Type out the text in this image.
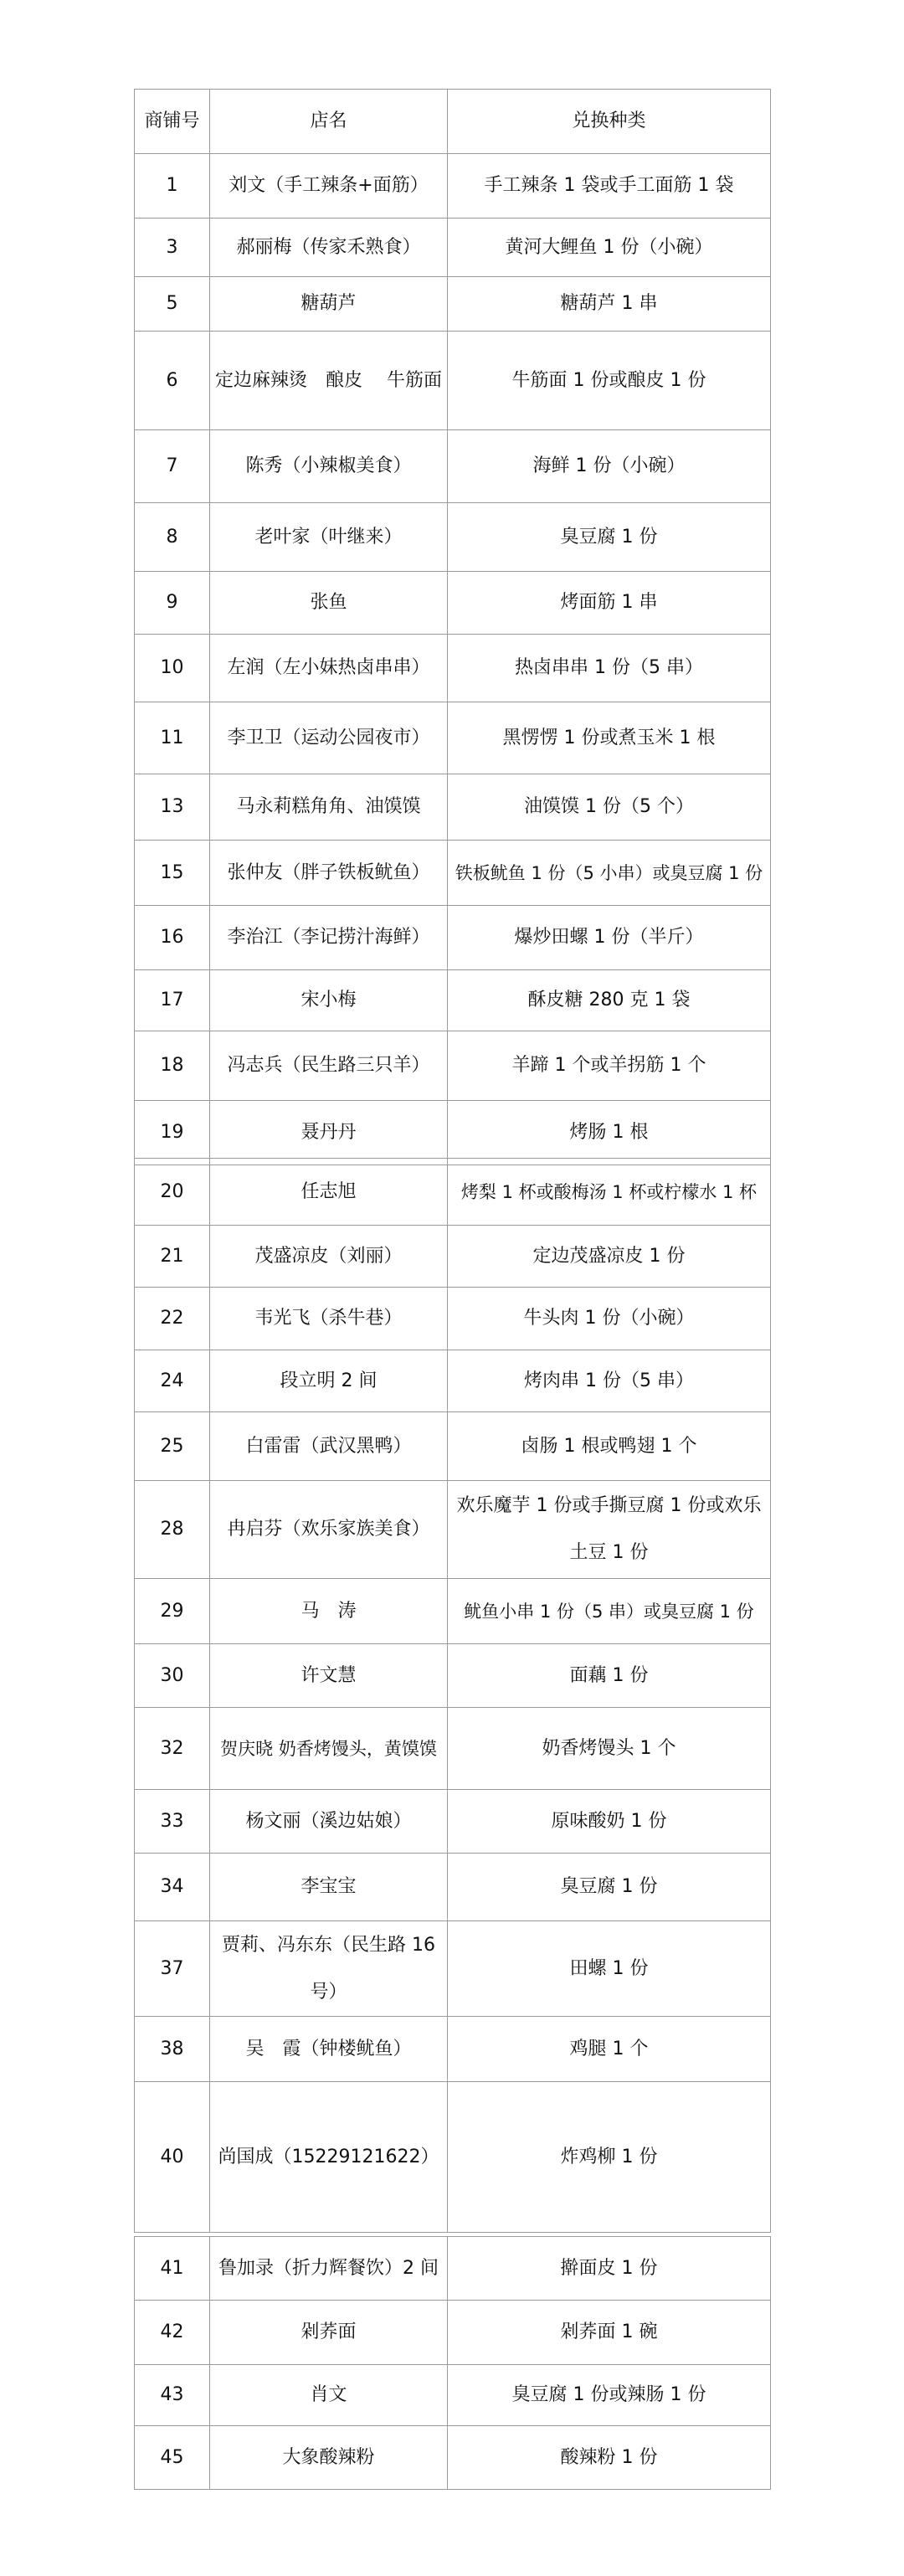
商铺号	店名	兑换种类
1	刘文（手工辣条+面筋）	手工辣条 1 袋或手工面筋 1 袋
3	郝丽梅（传家禾熟食）	黄河大鲤鱼 1 份（小碗）
5	糖葫芦	糖葫芦 1 串
6	定边麻辣烫　酿皮　 牛筋面	牛筋面 1 份或酿皮 1 份
7	陈秀（小辣椒美食）	海鲜 1 份（小碗）
8	老叶家（叶继来）	臭豆腐 1 份
9	张鱼	烤面筋 1 串
10	左润（左小妹热卤串串）	热卤串串 1 份（5 串）
11	李卫卫（运动公园夜市）	黑愣愣 1 份或煮玉米 1 根
13	马永莉糕角角、油馍馍	油馍馍 1 份（5 个）
15	张仲友（胖子铁板鱿鱼）	铁板鱿鱼 1 份（5 小串）或臭豆腐 1 份
16	李治江（李记捞汁海鲜）	爆炒田螺 1 份（半斤）
17	宋小梅	酥皮糖 280 克 1 袋
18	冯志兵（民生路三只羊）	羊蹄 1 个或羊拐筋 1 个
19	聂丹丹	烤肠 1 根
20	任志旭	烤梨 1 杯或酸梅汤 1 杯或柠檬水 1 杯
21	茂盛凉皮（刘丽）	定边茂盛凉皮 1 份
22	韦光飞（杀牛巷）	牛头肉 1 份（小碗）
24	段立明 2 间	烤肉串 1 份（5 串）
25	白雷雷（武汉黑鸭）	卤肠 1 根或鸭翅 1 个
28	冉启芬（欢乐家族美食）	欢乐魔芋 1 份或手撕豆腐 1 份或欢乐土豆 1 份
29	马　涛	鱿鱼小串 1 份（5 串）或臭豆腐 1 份
30	许文慧	面藕 1 份
32	贺庆晓 奶香烤馒头，黄馍馍	奶香烤馒头 1 个
33	杨文丽（溪边姑娘）	原味酸奶 1 份
34	李宝宝	臭豆腐 1 份
37	贾莉、冯东东（民生路 16 号）	田螺 1 份
38	吴　霞（钟楼鱿鱼）	鸡腿 1 个
40	尚国成（15229121622）	炸鸡柳 1 份
41	鲁加录（折力辉餐饮）2 间	擀面皮 1 份
42	剁荞面	剁荞面 1 碗
43	肖文	臭豆腐 1 份或辣肠 1 份
45	大象酸辣粉	酸辣粉 1 份
